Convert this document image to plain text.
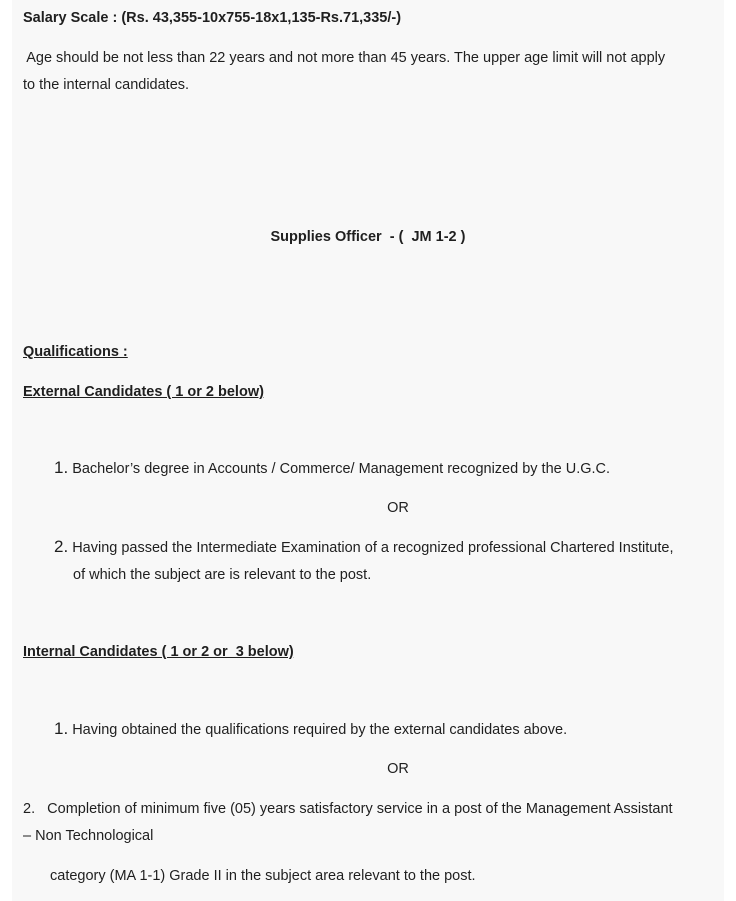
Salary Scale : (Rs. 43,355-10x755-18x1,135-Rs.71,335/-)
Age should be not less than 22 years and not more than 45 years. The upper age limit will not apply
to the internal candidates.
Supplies Officer  - (  JM 1-2 )
Qualifications :
External Candidates ( 1 or 2 below)
1. Bachelor’s degree in Accounts / Commerce/ Management recognized by the U.G.C.
OR
2. Having passed the Intermediate Examination of a recognized professional Chartered Institute,
of which the subject are is relevant to the post.
Internal Candidates ( 1 or 2 or  3 below)
1. Having obtained the qualifications required by the external candidates above.
OR
2.   Completion of minimum five (05) years satisfactory service in a post of the Management Assistant
– Non Technological
category (MA 1-1) Grade II in the subject area relevant to the post.
